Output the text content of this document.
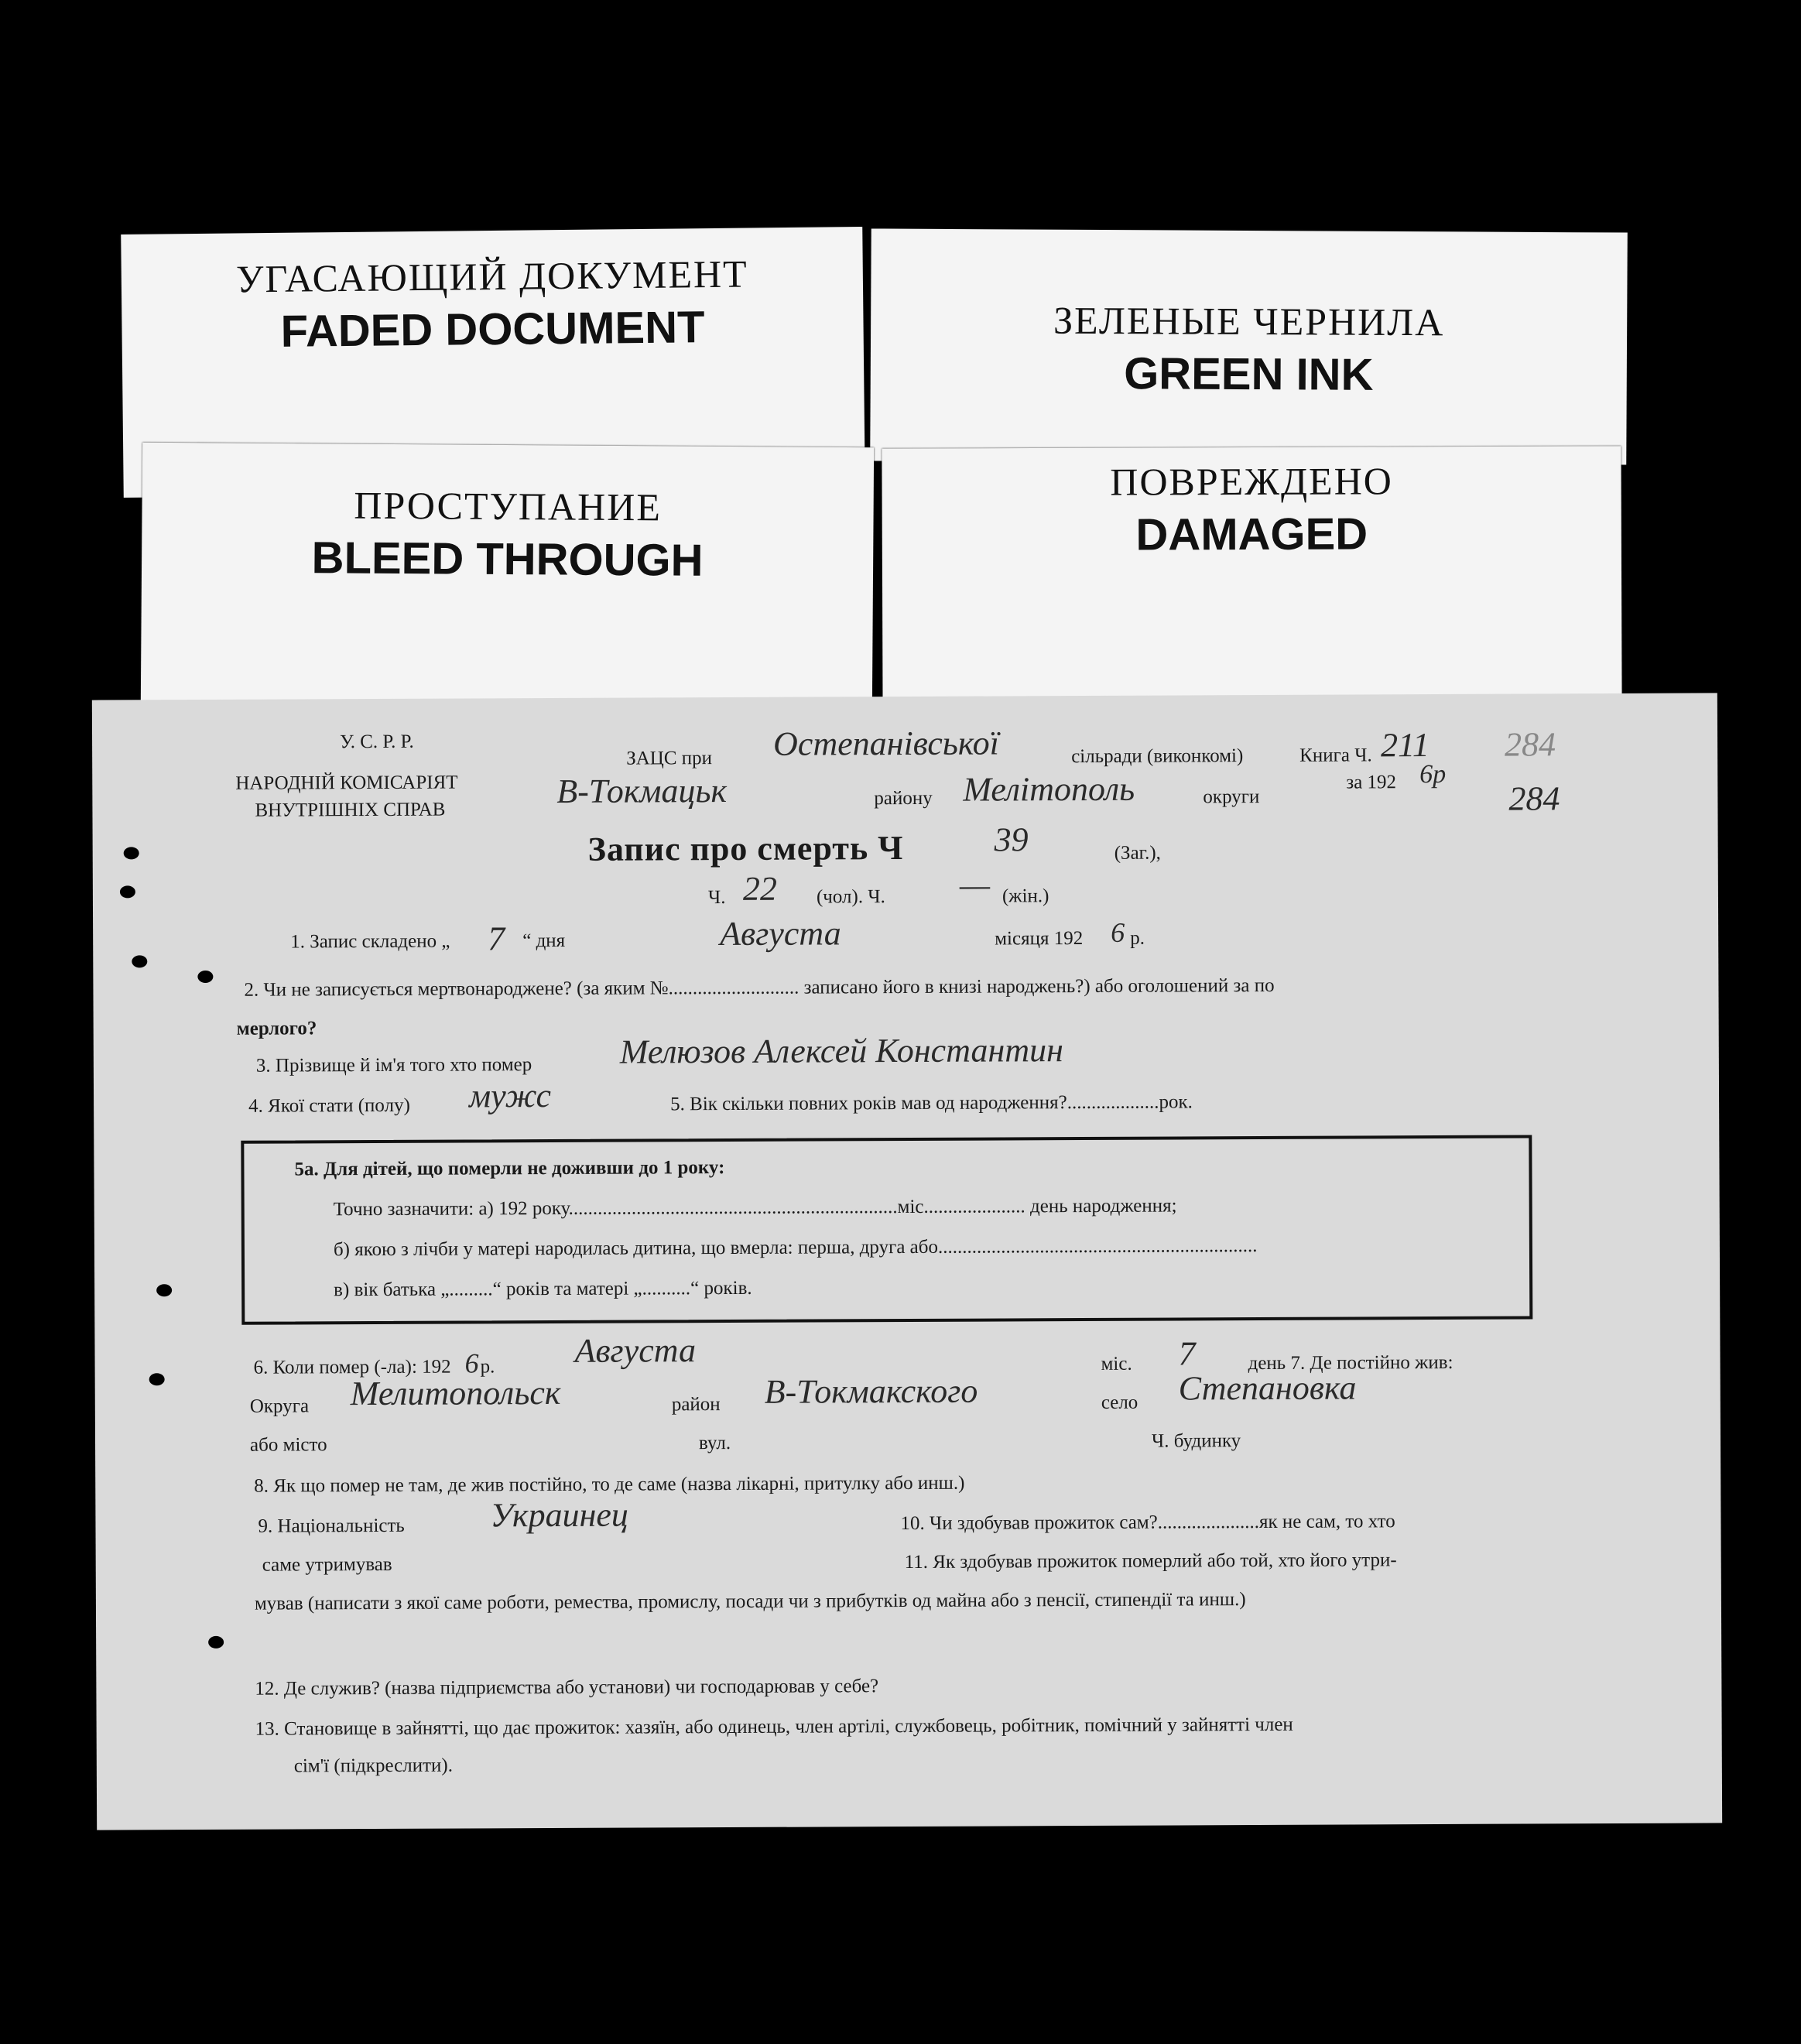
УГАСАЮЩИЙ ДОКУМЕНТ
FADED DOCUMENT	ЗЕЛЕНЫЕ ЧЕРНИЛА
GREEN INK
ПРОСТУПАНИЕ
BLEED THROUGH
ПОВРЕЖДЕНО
DAMAGED
У. С. Р. Р.
НАРОДНІЙ КОМІСАРІЯТ
ВНУТРІШНІХ СПРАВ
ЗАЦС при Остепанівської	сільради (виконкомі)	Книга Ч. 211 284
284
В-Токмацьк	району Мелітополь	округи
за 192 6р
Запис про смерть Ч	39	(Заг.),
Ч. 22 (чол). Ч. — (жін.)
1. Запис складено „ 7 “ дня	Августа	місяця 192 6 р.
2. Чи не записується мертвонароджене? (за яким №........................... записано його в книзі народжень?) або оголошений за по
мерлого?
3. Прізвище й ім'я того хто помер	Мелюзов Алексей Константин
4. Якої стати (полу) мужс	5. Вік скільки повних років мав од народження?...................рок.
5а. Для дітей, що померли не доживши до 1 року:
Точно зазначити: а) 192 року....................................................................мiс..................... день народження;
б) якою з лічби у матері народилась дитина, що вмерла: перша, друга або..................................................................
в) вік батька „.........“ років та матері „..........“ років.
6. Коли помер (-ла): 192 6 р. Августа	міс. 7	день 7. Де постійно жив:
Округа Мелитопольск	район В-Токмакского	село Степановка
або місто	вул.	Ч. будинку
8. Як що помер не там, де жив постійно, то де саме (назва лікарні, притулку або инш.)
9. Національність	Украинец	10. Чи здобував прожиток сам?.....................як не сам, то хто
саме утримував	11. Як здобував прожиток померлий або той, хто його утри-
мував (написати з якої саме роботи, ремества, промислу, посади чи з прибутків од майна або з пенсії, стипендії та инш.)
12. Де служив? (назва підприємства або установи) чи господарював у себе?
13. Становище в зайнятті, що дає прожиток: хазяїн, або одинець, член артілі, службовець, робітник, помічний у зайнятті член
сім'ї (підкреслити).
